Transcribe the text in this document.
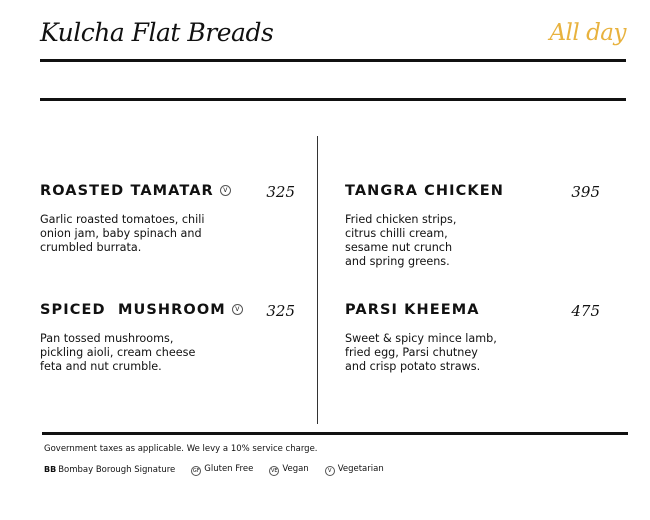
Kulcha Flat Breads	All day
ROASTED TAMATAR V	325
Garlic roasted tomatoes, chili onion jam, baby spinach and crumbled burrata.
SPICED  MUSHROOM V	325
Pan tossed mushrooms, pickling aioli, cream cheese feta and nut crumble.
TANGRA CHICKEN	395
Fried chicken strips, citrus chilli cream, sesame nut crunch and spring greens.
PARSI KHEEMA	475
Sweet & spicy mince lamb, fried egg, Parsi chutney and crisp potato straws.
Government taxes as applicable. We levy a 10% service charge.
BB Bombay Borough Signature	GF Gluten Free	VE Vegan	V Vegetarian
